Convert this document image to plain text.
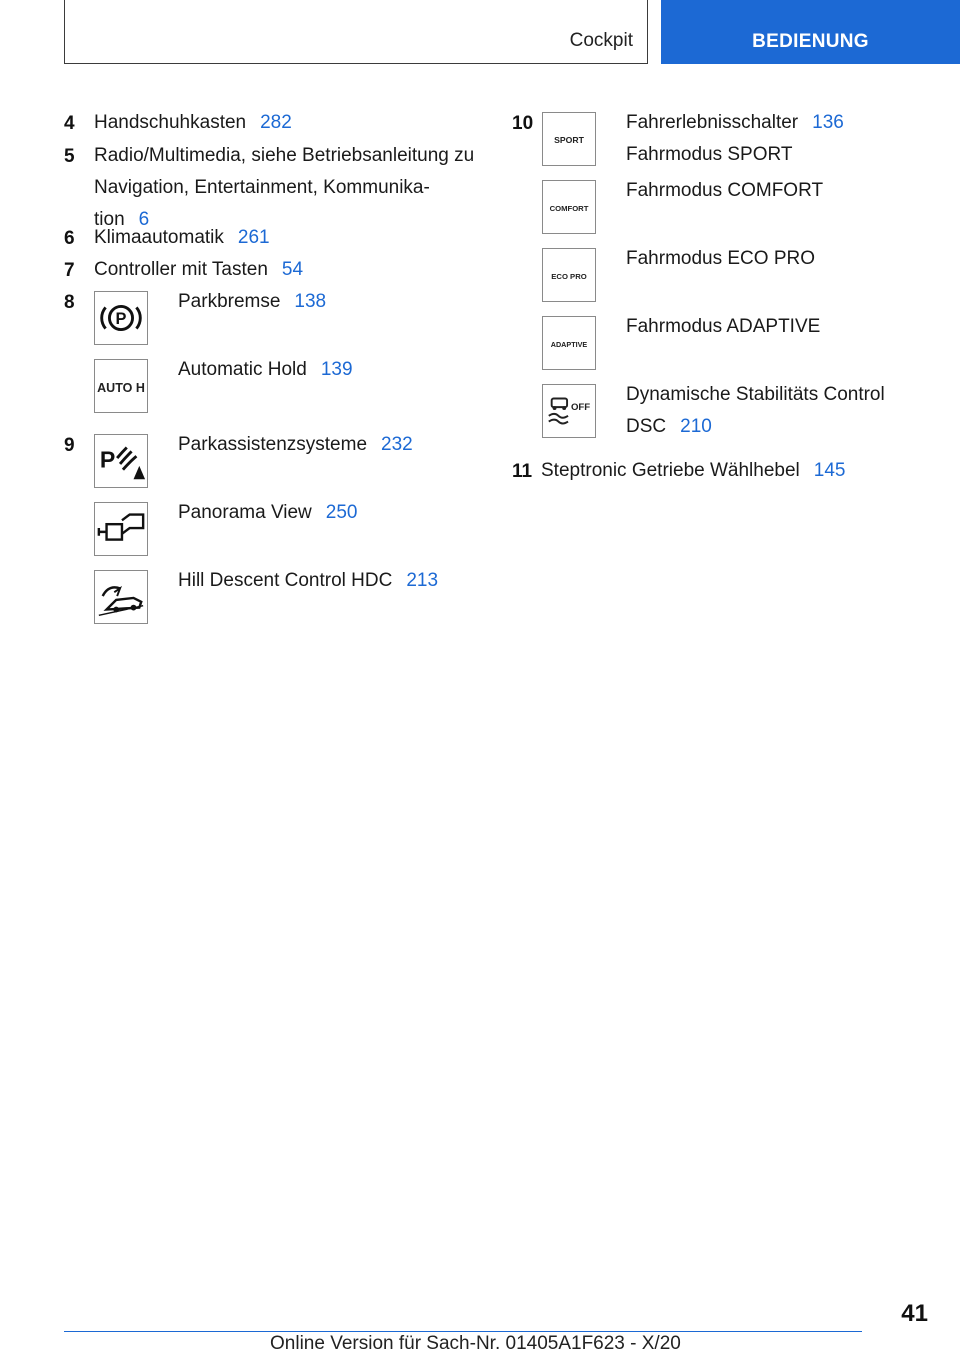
Cockpit	BEDIENUNG
4 Handschuhkasten 282
5 Radio/Multimedia, siehe Betriebsanleitung zu
Navigation, Entertainment, Kommunika-
tion 6
6 Klimaautomatik 261
7 Controller mit Tasten 54
8
P
Parkbremse 138
AUTO H
Automatic Hold 139
9
P
Parkassistenzsysteme 232
Panorama View 250
Hill Descent Control HDC 213
10
SPORT
Fahrerlebnisschalter 136
Fahrmodus SPORT
COMFORT
Fahrmodus COMFORT
ECO PRO
Fahrmodus ECO PRO
ADAPTIVE
Fahrmodus ADAPTIVE
OFF
Dynamische Stabilitäts Control
DSC 210
11 Steptronic Getriebe Wählhebel 145
41
Online Version für Sach-Nr. 01405A1F623 - X/20
